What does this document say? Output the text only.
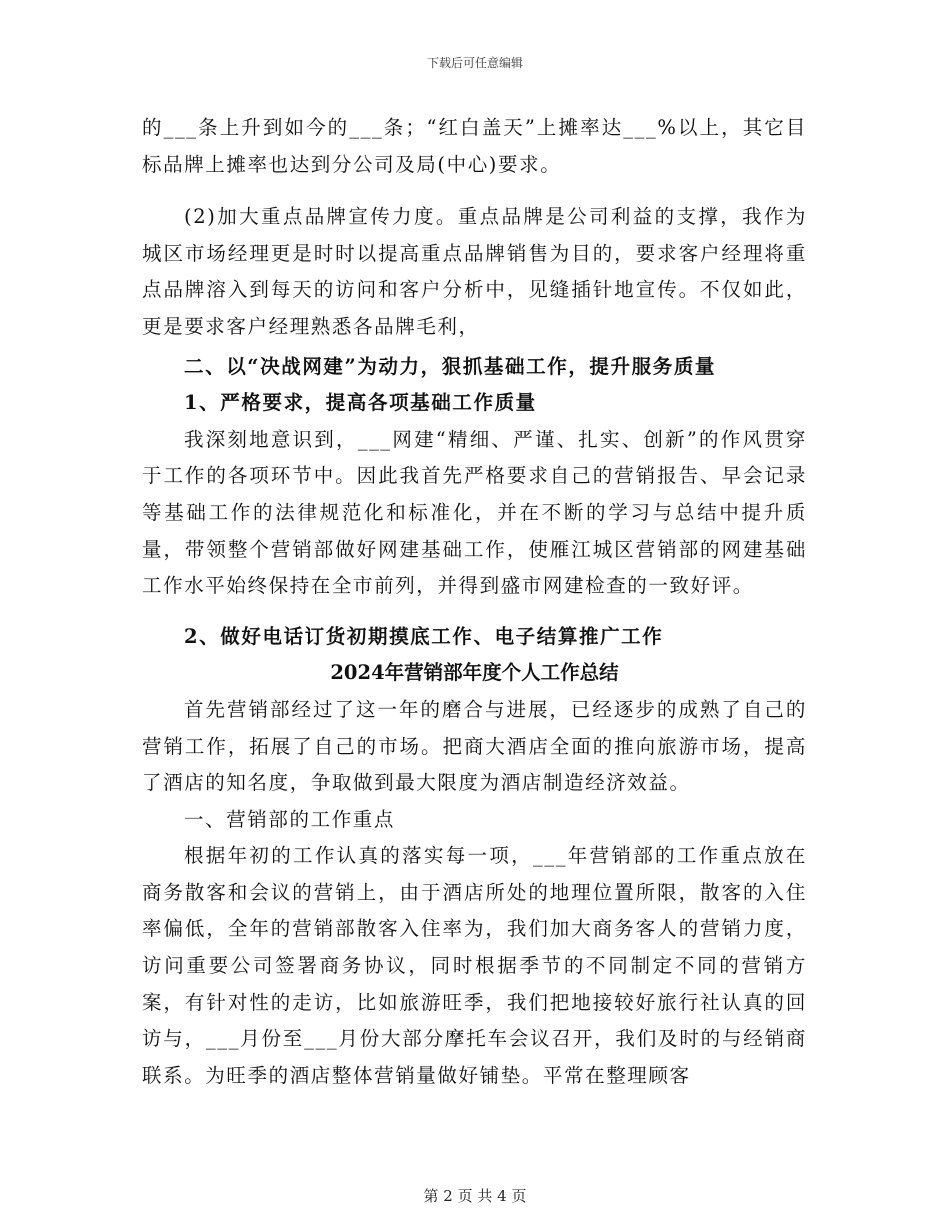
下载后可任意编辑

的___条上升到如今的___条；“红白盖天”上摊率达___%以上，其它目标品牌上摊率也达到分公司及局(中心)要求。

(2)加大重点品牌宣传力度。重点品牌是公司利益的支撑，我作为城区市场经理更是时时以提高重点品牌销售为目的，要求客户经理将重点品牌溶入到每天的访问和客户分析中，见缝插针地宣传。不仅如此，更是要求客户经理熟悉各品牌毛利，

二、以“决战网建”为动力，狠抓基础工作，提升服务质量

1、严格要求，提高各项基础工作质量

我深刻地意识到，___网建“精细、严谨、扎实、创新”的作风贯穿于工作的各项环节中。因此我首先严格要求自己的营销报告、早会记录等基础工作的法律规范化和标准化，并在不断的学习与总结中提升质量，带领整个营销部做好网建基础工作，使雁江城区营销部的网建基础工作水平始终保持在全市前列，并得到盛市网建检查的一致好评。

2、做好电话订货初期摸底工作、电子结算推广工作

2024年营销部年度个人工作总结

首先营销部经过了这一年的磨合与进展，已经逐步的成熟了自己的营销工作，拓展了自己的市场。把商大酒店全面的推向旅游市场，提高了酒店的知名度，争取做到最大限度为酒店制造经济效益。

一、营销部的工作重点

根据年初的工作认真的落实每一项，___年营销部的工作重点放在商务散客和会议的营销上，由于酒店所处的地理位置所限，散客的入住率偏低，全年的营销部散客入住率为，我们加大商务客人的营销力度，访问重要公司签署商务协议，同时根据季节的不同制定不同的营销方案，有针对性的走访，比如旅游旺季，我们把地接较好旅行社认真的回访与，___月份至___月份大部分摩托车会议召开，我们及时的与经销商联系。为旺季的酒店整体营销量做好铺垫。平常在整理顾客

第 2 页 共 4 页
